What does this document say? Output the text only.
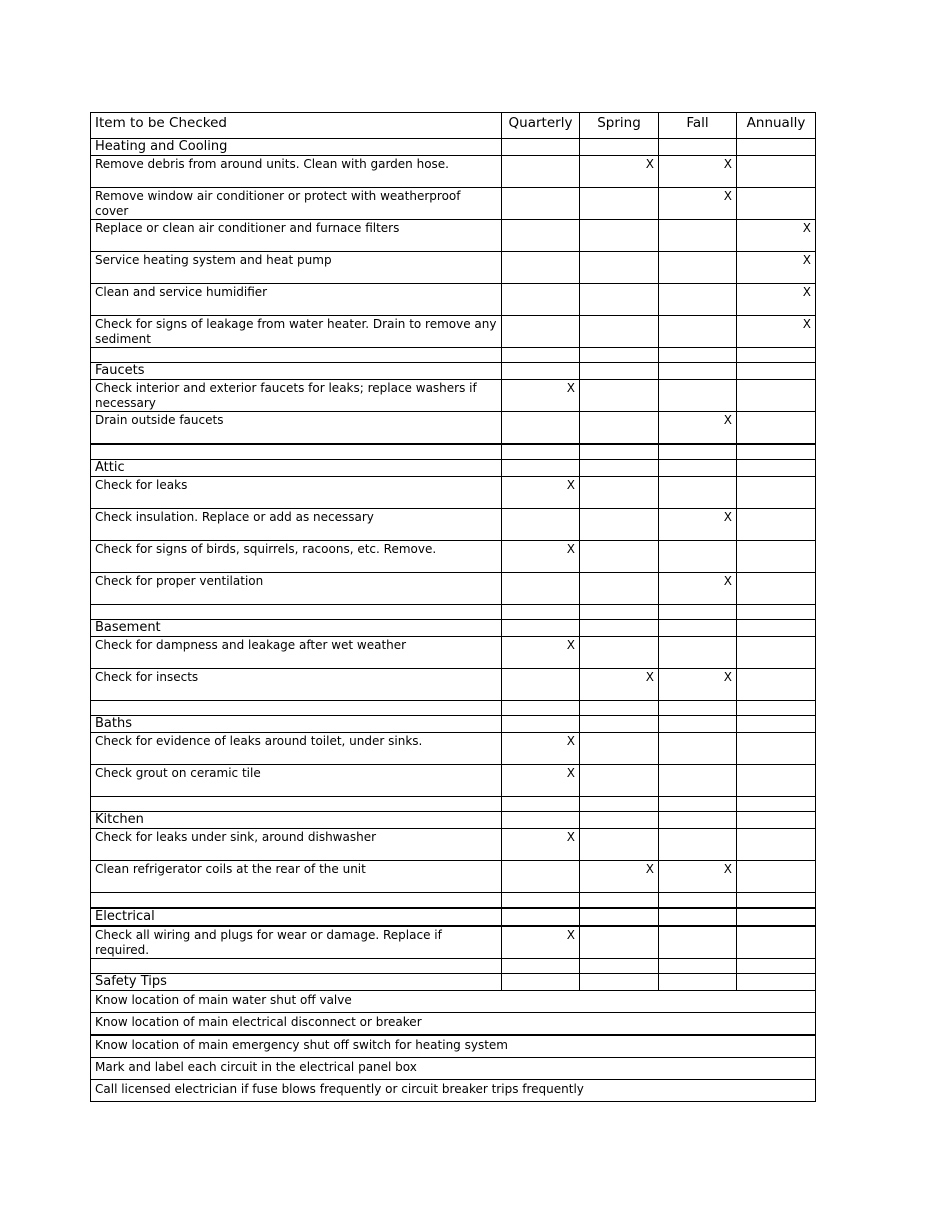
Item to be Checked	Quarterly	Spring	Fall	Annually
Heating and Cooling				
Remove debris from around units. Clean with garden hose.		X	X	
Remove window air conditioner or protect with weatherproof cover			X	
Replace or clean air conditioner and furnace filters				X
Service heating system and heat pump				X
Clean and service humidifier				X
Check for signs of leakage from water heater. Drain to remove any sediment				X

Faucets				
Check interior and exterior faucets for leaks; replace washers if necessary	X			
Drain outside faucets			X	

Attic				
Check for leaks	X			
Check insulation. Replace or add as necessary			X	
Check for signs of birds, squirrels, racoons, etc. Remove.	X			
Check for proper ventilation			X	

Basement				
Check for dampness and leakage after wet weather	X			
Check for insects		X	X	

Baths				
Check for evidence of leaks around toilet, under sinks.	X			
Check grout on ceramic tile	X			

Kitchen				
Check for leaks under sink, around dishwasher	X			
Clean refrigerator coils at the rear of the unit		X	X	

Electrical				
Check all wiring and plugs for wear or damage. Replace if required.	X			

Safety Tips				
Know location of main water shut off valve				
Know location of main electrical disconnect or breaker				
Know location of main emergency shut off switch for heating system				
Mark and label each circuit in the electrical panel box				
Call licensed electrician if fuse blows frequently or circuit breaker trips frequently				
